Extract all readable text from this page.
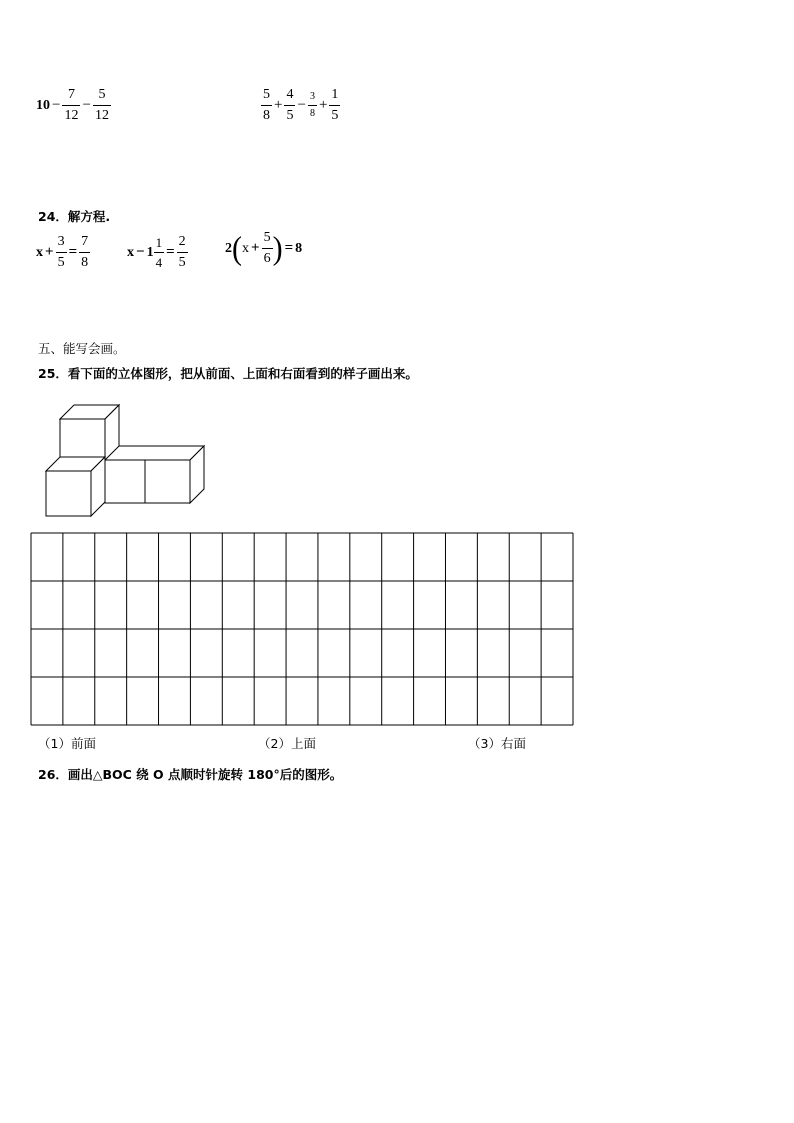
$10 - \frac{7}{12} - \frac{5}{12}$	$\frac{5}{8} + \frac{4}{5} - \frac{3}{8} + \frac{1}{5}$
24．解方程.
$x + \frac{3}{5} = \frac{7}{8}$	$x - 1 \frac{1}{4} = \frac{2}{5}$	2 ( $x + \frac{5}{6}$ ) = 8
五、能写会画。
25．看下面的立体图形，把从前面、上面和右面看到的样子画出来。
（1）前面	（2）上面	（3）右面
26．画出△BOC 绕 O 点顺时针旋转 180°后的图形。
